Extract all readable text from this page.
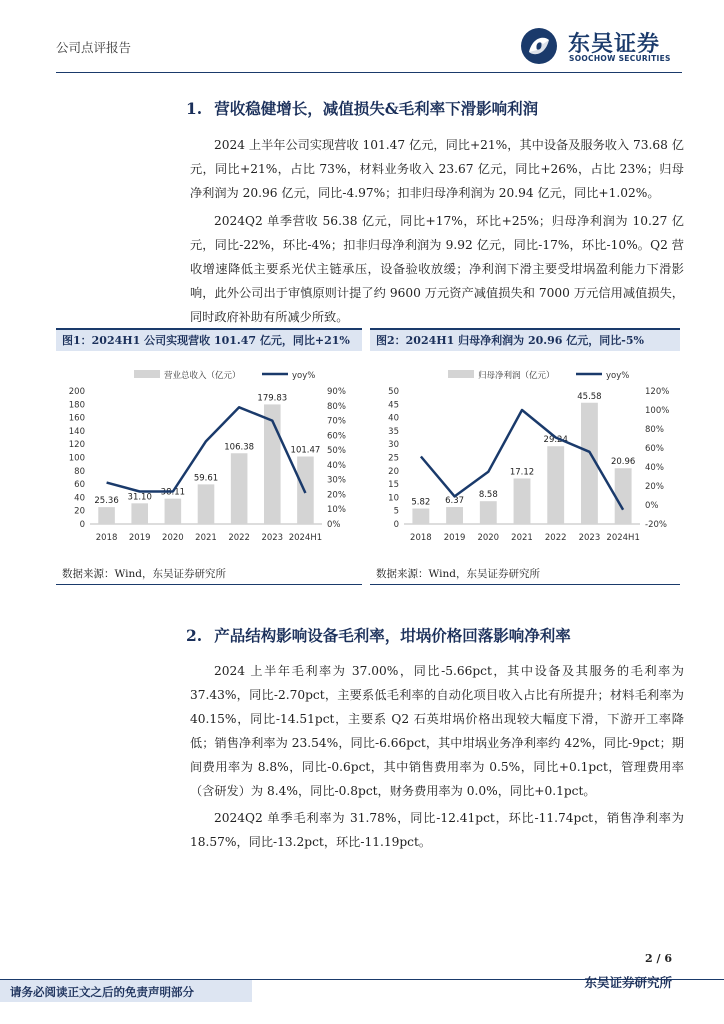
公司点评报告	东吴证券
SOOCHOW SECURITIES
1. 营收稳健增长，减值损失&毛利率下滑影响利润
2024 上半年公司实现营收 101.47 亿元，同比+21%，其中设备及服务收入 73.68 亿元，同比+21%，占比 73%，材料业务收入 23.67 亿元，同比+26%，占比 23%；归母净利润为 20.96 亿元，同比-4.97%；扣非归母净利润为 20.94 亿元，同比+1.02%。
2024Q2 单季营收 56.38 亿元，同比+17%，环比+25%；归母净利润为 10.27 亿元，同比-22%，环比-4%；扣非归母净利润为 9.92 亿元，同比-17%，环比-10%。Q2 营收增速降低主要系光伏主链承压，设备验收放缓；净利润下滑主要受坩埚盈利能力下滑影响，此外公司出于审慎原则计提了约 9600 万元资产减值损失和 7000 万元信用减值损失，同时政府补助有所减少所致。
图1：2024H1 公司实现营收 101.47 亿元，同比+21% 图2：2024H1 归母净利润为 20.96 亿元，同比-5%
营业总收入（亿元）	yoy%
0
20
40
60
80
100
120
140
160
180
200
0%
10%
20%
30%
40%
50%
60%
70%
80%
90%
25.36
2018
31.10
2019
38.11
2020
59.61
2021
106.38
2022
179.83
2023
101.47
2024H1
归母净利润（亿元）	yoy%
0
5
10
15
20
25
30
35
40
45
50
-20%
0%
20%
40%
60%
80%
100%
120%
5.82
2018
6.37
2019
8.58
2020
17.12
2021
29.24
2022
45.58
2023
20.96
2024H1
数据来源：Wind，东吴证券研究所	数据来源：Wind，东吴证券研究所
2. 产品结构影响设备毛利率，坩埚价格回落影响净利率
2024 上半年毛利率为 37.00%，同比-5.66pct，其中设备及其服务的毛利率为 37.43%，同比-2.70pct，主要系低毛利率的自动化项目收入占比有所提升；材料毛利率为 40.15%，同比-14.51pct，主要系 Q2 石英坩埚价格出现较大幅度下滑，下游开工率降低；销售净利率为 23.54%，同比-6.66pct，其中坩埚业务净利率约 42%，同比-9pct；期间费用率为 8.8%，同比-0.6pct，其中销售费用率为 0.5%，同比+0.1pct，管理费用率（含研发）为 8.4%，同比-0.8pct，财务费用率为 0.0%，同比+0.1pct。
2024Q2 单季毛利率为 31.78%，同比-12.41pct，环比-11.74pct，销售净利率为 18.57%，同比-13.2pct，环比-11.19pct。
2 / 6
请务必阅读正文之后的免责声明部分
东吴证券研究所
